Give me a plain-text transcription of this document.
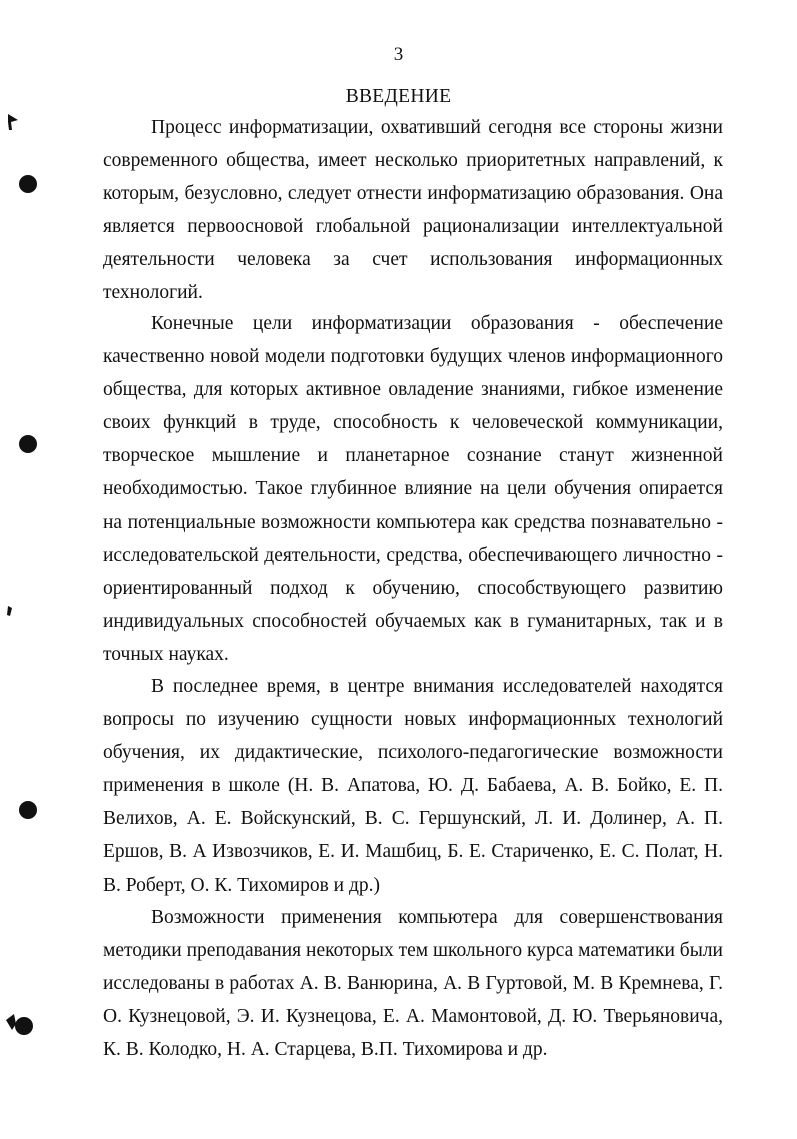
3
ВВЕДЕНИЕ

Процесс информатизации, охвативший сегодня все стороны жизни современного общества, имеет несколько приоритетных направлений, к которым, безусловно, следует отнести информатизацию образования. Она является первоосновой глобальной рационализации интеллектуальной деятельности человека за счет использования информационных технологий.

Конечные цели информатизации образования - обеспечение качественно новой модели подготовки будущих членов информационного общества, для которых активное овладение знаниями, гибкое изменение своих функций в труде, способность к человеческой коммуникации, творческое мышление и планетарное сознание станут жизненной необходимостью. Такое глубинное влияние на цели обучения опирается на потенциальные возможности компьютера как средства познавательно - исследовательской деятельности, средства, обеспечивающего личностно - ориентированный подход к обучению, способствующего развитию индивидуальных способностей обучаемых как в гуманитарных, так и в точных науках.

В последнее время, в центре внимания исследователей находятся вопросы по изучению сущности новых информационных технологий обучения, их дидактические, психолого-педагогические возможности применения в школе (Н. В. Апатова, Ю. Д. Бабаева, А. В. Бойко, Е. П. Велихов, А. Е. Войскунский, В. С. Гершунский, Л. И. Долинер, А. П. Ершов, В. А Извозчиков, Е. И. Машбиц, Б. Е. Стариченко, Е. С. Полат, Н. В. Роберт, О. К. Тихомиров и др.)

Возможности применения компьютера для совершенствования методики преподавания некоторых тем школьного курса математики были исследованы в работах А. В. Ванюрина, А. В Гуртовой, М. В Кремнева, Г. О. Кузнецовой, Э. И. Кузнецова, Е. А. Мамонтовой, Д. Ю. Тверьяновича, К. В. Колодко, Н. А. Старцева, В.П. Тихомирова и др.
